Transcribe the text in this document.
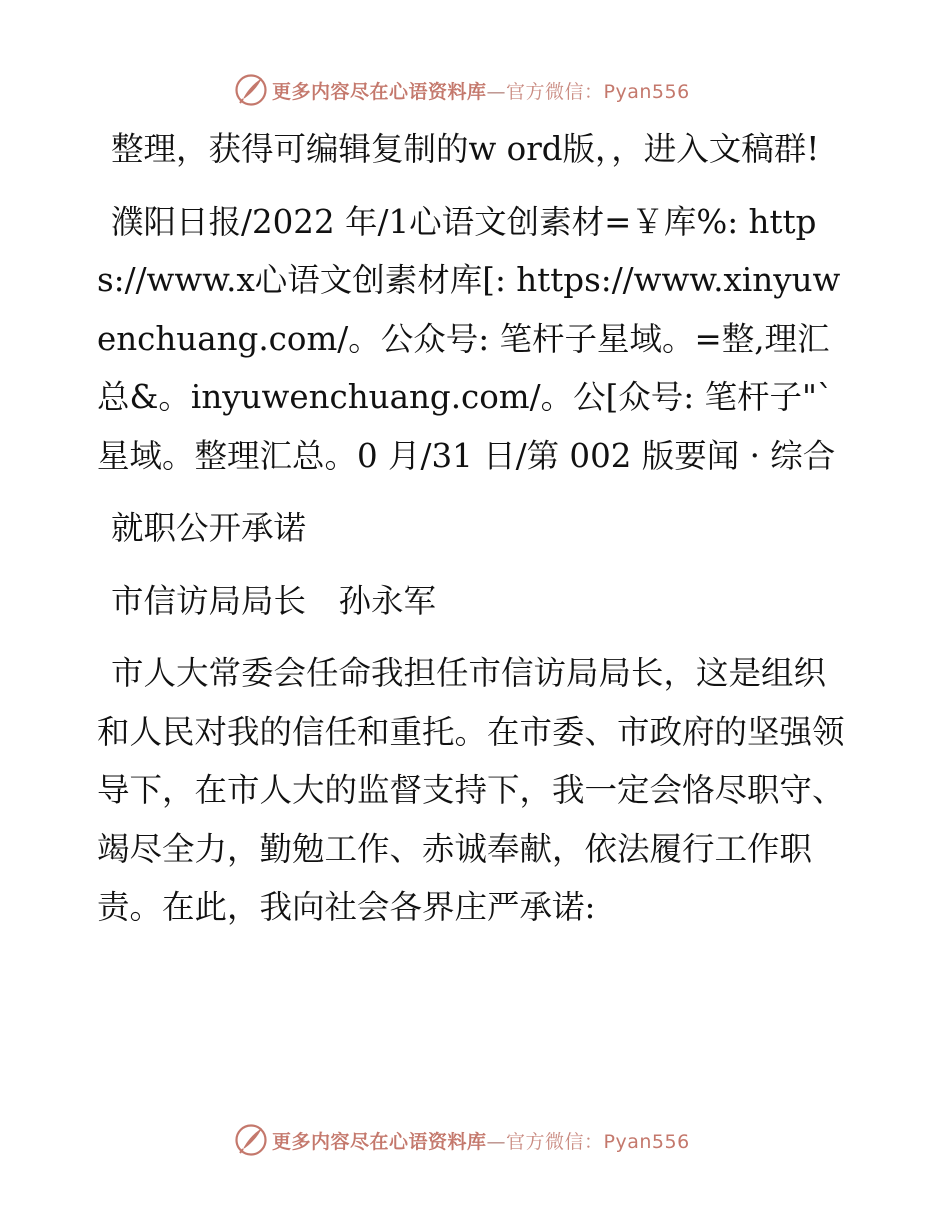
更多内容尽在心语资料库—官方微信：Pyan556

整理，获得可编辑复制的w ord版，，进入文稿群!

濮阳日报/2022 年/1心语文创素材=￥库%: https://www.x心语文创素材库[: https://www.xinyuwenchuang.com/。公众号: 笔杆子星域。=整,理汇总&。inyuwenchuang.com/。公[众号: 笔杆子"`星域。整理汇总。0 月/31 日/第 002 版要闻 · 综合

就职公开承诺

市信访局局长　孙永军

市人大常委会任命我担任市信访局局长，这是组织和人民对我的信任和重托。在市委、市政府的坚强领导下，在市人大的监督支持下，我一定会恪尽职守、竭尽全力，勤勉工作、赤诚奉献，依法履行工作职责。在此，我向社会各界庄严承诺:

更多内容尽在心语资料库—官方微信：Pyan556
